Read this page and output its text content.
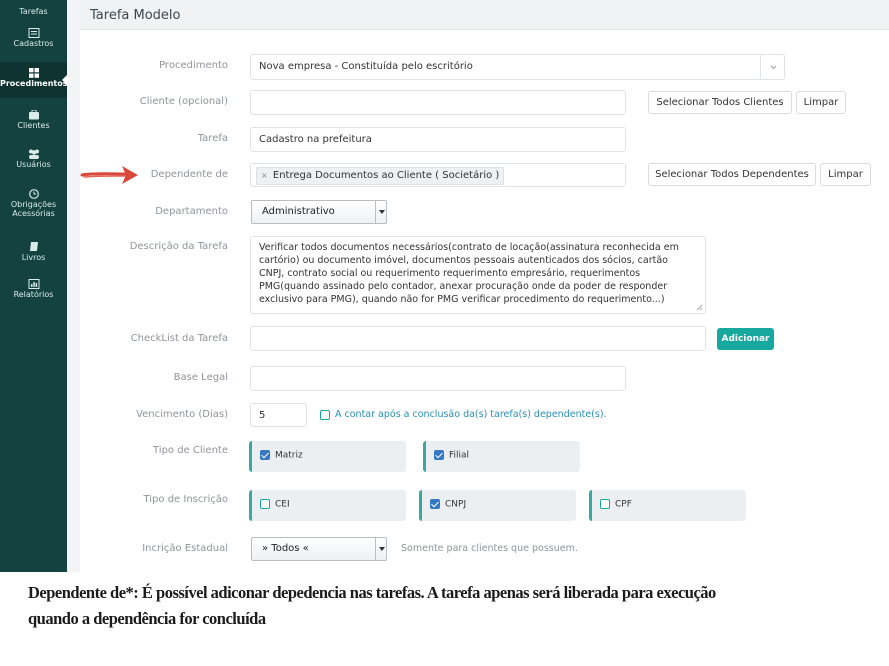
Tarefas
Cadastros
Procedimentos
Clientes
Usuários
Obrigações
Acessórias
Livros
Relatórios
Tarefa Modelo
Procedimento	Nova empresa - Constituída pelo escritório
Cliente (opcional)	Selecionar Todos Clientes	Limpar
Tarefa	Cadastro na prefeitura
Dependente de	× Entrega Documentos ao Cliente ( Societário )	Selecionar Todos Dependentes	Limpar
Departamento	Administrativo
Descrição da Tarefa	Verificar todos documentos necessários(contrato de locação(assinatura reconhecida em
cartório) ou documento imóvel, documentos pessoais autenticados dos sócios, cartão
CNPJ, contrato social ou requerimento requerimento empresário, requerimentos
PMG(quando assinado pelo contador, anexar procuração onde da poder de responder
exclusivo para PMG), quando não for PMG verificar procedimento do requerimento...)
CheckList da Tarefa	Adicionar
Base Legal
Vencimento (Dias)	5	A contar após a conclusão da(s) tarefa(s) dependente(s).
Tipo de Cliente	Matriz	Filial
Tipo de Inscrição	CEI	CNPJ	CPF
Incrição Estadual	» Todos «	Somente para clientes que possuem.
Dependente de*: É possível adiconar depedencia nas tarefas. A tarefa apenas será liberada para execução
quando a dependência for concluída
